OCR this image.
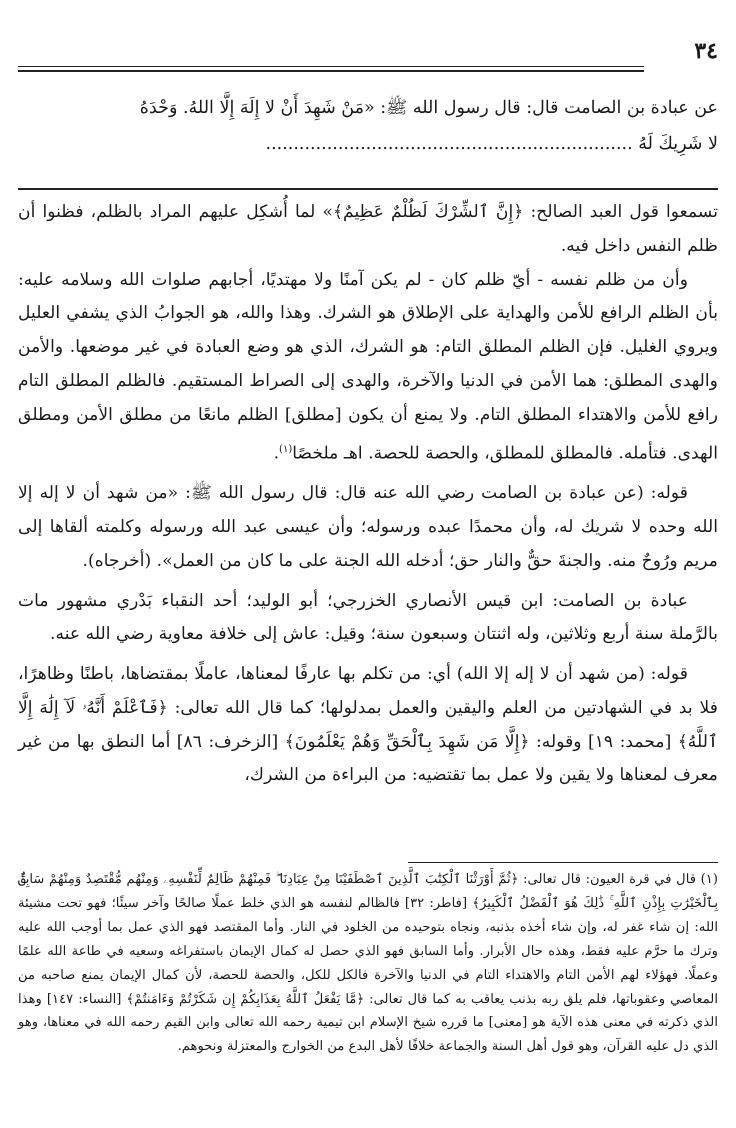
٣٤
عن عبادة بن الصامت قال: قال رسول الله ﷺ: «مَنْ شَهِدَ أَنْ لا إِلَهَ إِلَّا اللهُ. وَحْدَهُ
لا شَرِيكَ لَهُ ..................................................................

تسمعوا قول العبد الصالح: ﴿إِنَّ ٱلشِّرْكَ لَظُلْمٌ عَظِيمٌ﴾» لما أُشكِل عليهم المراد بالظلم، فظنوا أن ظلم النفس داخل فيه.

وأن من ظلم نفسه - أيّ ظلم كان - لم يكن آمنًا ولا مهتديًا، أجابهم صلوات الله وسلامه عليه: بأن الظلم الرافع للأمن والهداية على الإطلاق هو الشرك. وهذا والله، هو الجوابُ الذي يشفي العليل ويروي الغليل. فإن الظلم المطلق التام: هو الشرك، الذي هو وضع العبادة في غير موضعها. والأمن والهدى المطلق: هما الأمن في الدنيا والآخرة، والهدى إلى الصراط المستقيم. فالظلم المطلق التام رافع للأمن والاهتداء المطلق التام. ولا يمنع أن يكون [مطلق] الظلم مانعًا من مطلق الأمن ومطلق الهدى. فتأمله. فالمطلق للمطلق، والحصة للحصة. اهـ ملخصًا$^{(١)}$.

قوله: (عن عبادة بن الصامت رضي الله عنه قال: قال رسول الله ﷺ: «من شهد أن لا إله إلا الله وحده لا شريك له، وأن محمدًا عبده ورسوله؛ وأن عيسى عبد الله ورسوله وكلمته ألقاها إلى مريم ورُوحٌ منه. والجنةَ حقٌّ والنار حق؛ أدخله الله الجنة على ما كان من العمل». (أخرجاه).

عبادة بن الصامت: ابن قيس الأنصاري الخزرجي؛ أبو الوليد؛ أحد النقباء بَدْري مشهور مات بالرَّملة سنة أربع وثلاثين، وله اثنتان وسبعون سنة؛ وقيل: عاش إلى خلافة معاوية رضي الله عنه.

قوله: (من شهد أن لا إله إلا الله) أي: من تكلم بها عارفًا لمعناها، عاملًا بمقتضاها، باطنًا وظاهرًا، فلا بد في الشهادتين من العلم واليقين والعمل بمدلولها؛ كما قال الله تعالى: ﴿فَٱعْلَمْ أَنَّهُۥ لَآ إِلَٰهَ إِلَّا ٱللَّهُ﴾ [محمد: ١٩] وقوله: ﴿إِلَّا مَن شَهِدَ بِٱلْحَقِّ وَهُمْ يَعْلَمُونَ﴾ [الزخرف: ٨٦] أما النطق بها من غير معرف لمعناها ولا يقين ولا عمل بما تقتضيه: من البراءة من الشرك،

(١) قال في قرة العيون: قال تعالى: ﴿ثُمَّ أَوْرَثْنَا ٱلْكِتَٰبَ ٱلَّذِينَ ٱصْطَفَيْنَا مِنْ عِبَادِنَا ۖ فَمِنْهُمْ ظَالِمٌ لِّنَفْسِهِۦ وَمِنْهُم مُّقْتَصِدٌ وَمِنْهُمْ سَابِقٌۢ بِٱلْخَيْرَٰتِ بِإِذْنِ ٱللَّهِ ۚ ذَٰلِكَ هُوَ ٱلْفَضْلُ ٱلْكَبِيرُ﴾ [فاطر: ٣٢] فالظالم لنفسه هو الذي خلط عملًا صالحًا وآخر سيئًا؛ فهو تحت مشيئة الله: إن شاء غفر له، وإن شاء أخذه بذنبه، ونجاه بتوحيده من الخلود في النار. وأما المقتصد فهو الذي عمل بما أوجب الله عليه وترك ما حرَّم عليه فقط، وهذه حال الأبرار. وأما السابق فهو الذي حصل له كمال الإيمان باستفراغه وسعيه في طاعة الله علمًا وعملًا. فهؤلاء لهم الأمن التام والاهتداء التام في الدنيا والآخرة فالكل للكل، والحصة للحصة، لأن كمال الإيمان يمنع صاحبه من المعاصي وعقوباتها، فلم يلق ربه بذنب يعاقب به كما قال تعالى: ﴿مَّا يَفْعَلُ ٱللَّهُ بِعَذَابِكُمْ إِن شَكَرْتُمْ وَءَامَنتُمْ﴾ [النساء: ١٤٧] وهذا الذي ذكرته في معنى هذه الآية هو [معنى] ما قرره شيخ الإسلام ابن تيمية رحمه الله تعالى وابن القيم رحمه الله في معناها، وهو الذي دل عليه القرآن، وهو قول أهل السنة والجماعة خلافًا لأهل البدع من الخوارج والمعتزلة ونحوهم.
